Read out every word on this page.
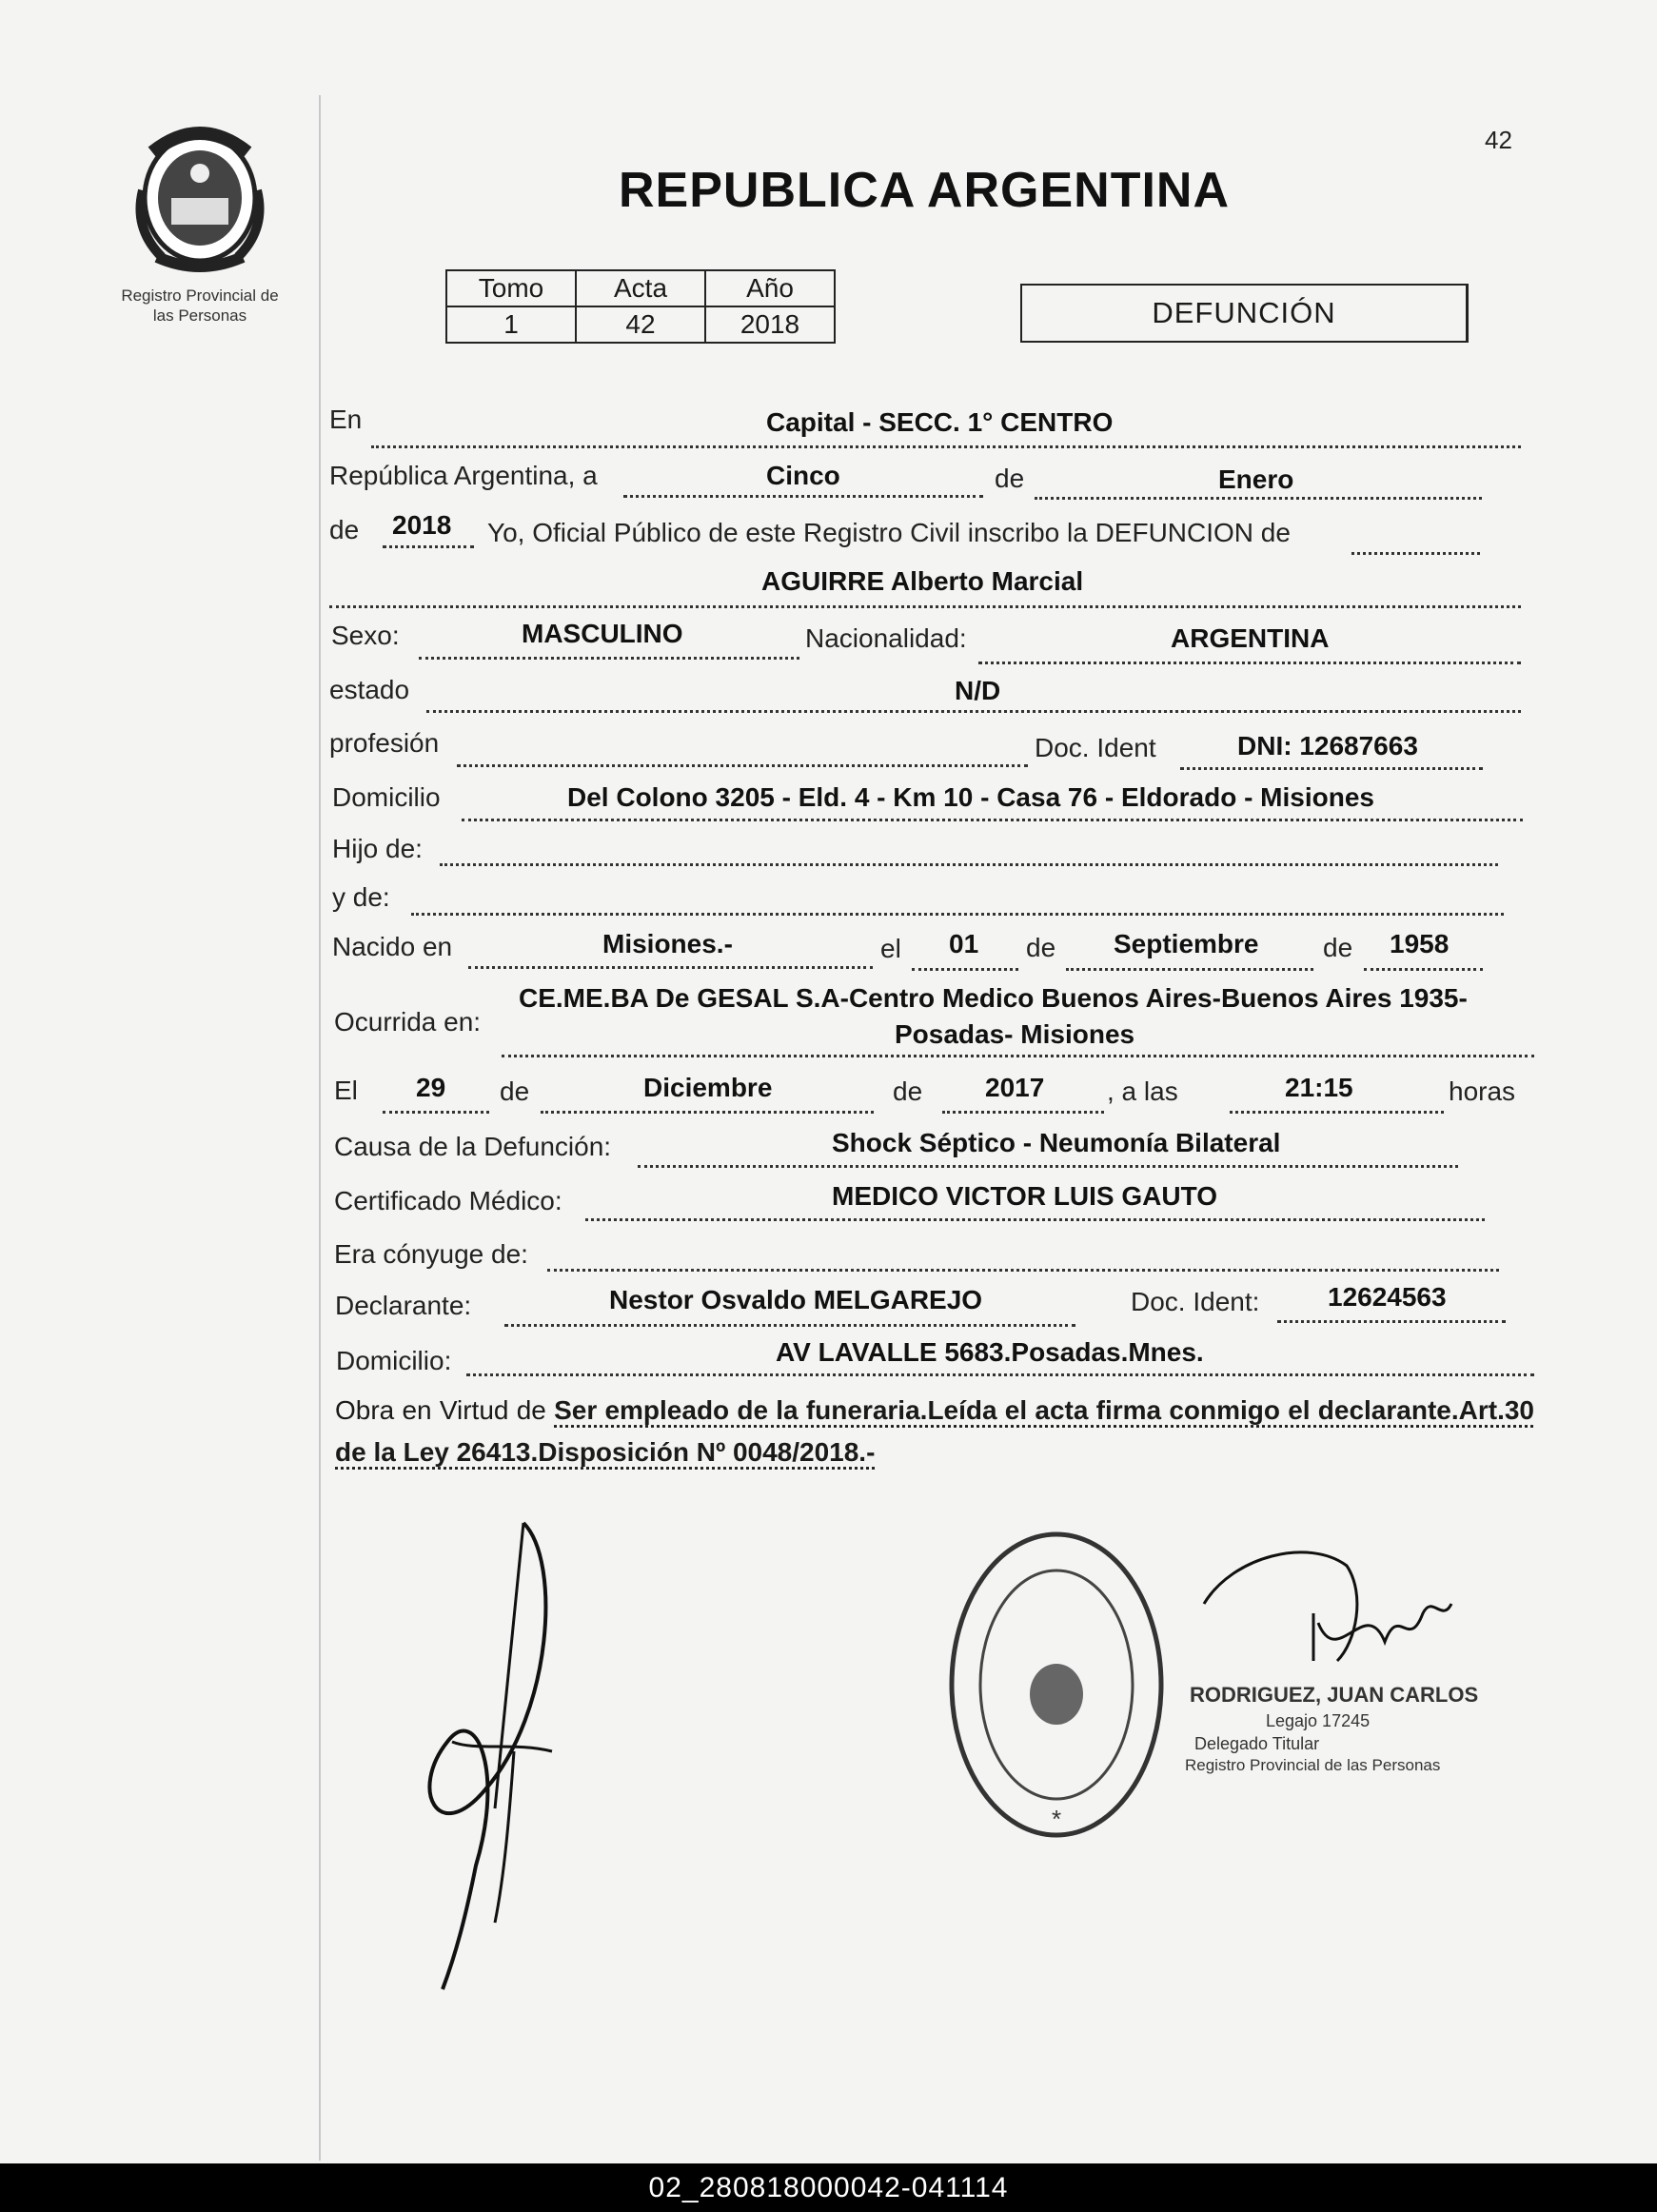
Registro Provincial de
las Personas
42
REPUBLICA ARGENTINA
Tomo	Acta	Año
1	42	2018	DEFUNCIÓN
En	Capital - SECC. 1° CENTRO
República Argentina, a	Cinco	de	Enero
de 2018 Yo, Oficial Público de este Registro Civil inscribo la DEFUNCION de
AGUIRRE Alberto Marcial
Sexo:	MASCULINO	Nacionalidad:	ARGENTINA
estado	N/D
profesión	Doc. Ident	DNI: 12687663
Domicilio	Del Colono 3205 - Eld. 4 - Km 10 - Casa 76 - Eldorado - Misiones
Hijo de:
y de:
Nacido en	Misiones.-	el 01 de Septiembre de 1958
Ocurrida en:
CE.ME.BA De GESAL S.A-Centro Medico Buenos Aires-Buenos Aires 1935-
Posadas- Misiones
El 29 de	Diciembre	de 2017 , a las	21:15	horas
Causa de la Defunción:	Shock Séptico - Neumonía Bilateral
Certificado Médico:	MEDICO VICTOR LUIS GAUTO
Era cónyuge de:
Declarante:	Nestor Osvaldo MELGAREJO	Doc. Ident:	12624563
Domicilio:	AV LAVALLE 5683.Posadas.Mnes.
Obra en Virtud de Ser empleado de la funeraria.Leída el acta firma conmigo el declarante.Art.30 de la Ley 26413.Disposición Nº 0048/2018.-
*
RODRIGUEZ, JUAN CARLOS
Legajo 17245
Delegado Titular
Registro Provincial de las Personas
02_280818000042-041114
